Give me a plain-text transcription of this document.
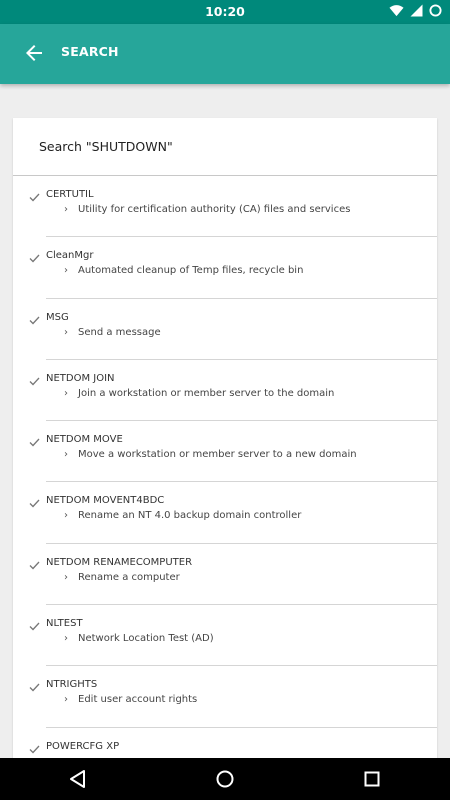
10:20
SEARCH
Search "SHUTDOWN"
CERTUTIL
› Utility for certification authority (CA) files and services
CleanMgr
› Automated cleanup of Temp files, recycle bin
MSG
› Send a message
NETDOM JOIN
› Join a workstation or member server to the domain
NETDOM MOVE
› Move a workstation or member server to a new domain
NETDOM MOVENT4BDC
› Rename an NT 4.0 backup domain controller
NETDOM RENAMECOMPUTER
› Rename a computer
NLTEST
› Network Location Test (AD)
NTRIGHTS
› Edit user account rights
POWERCFG XP
